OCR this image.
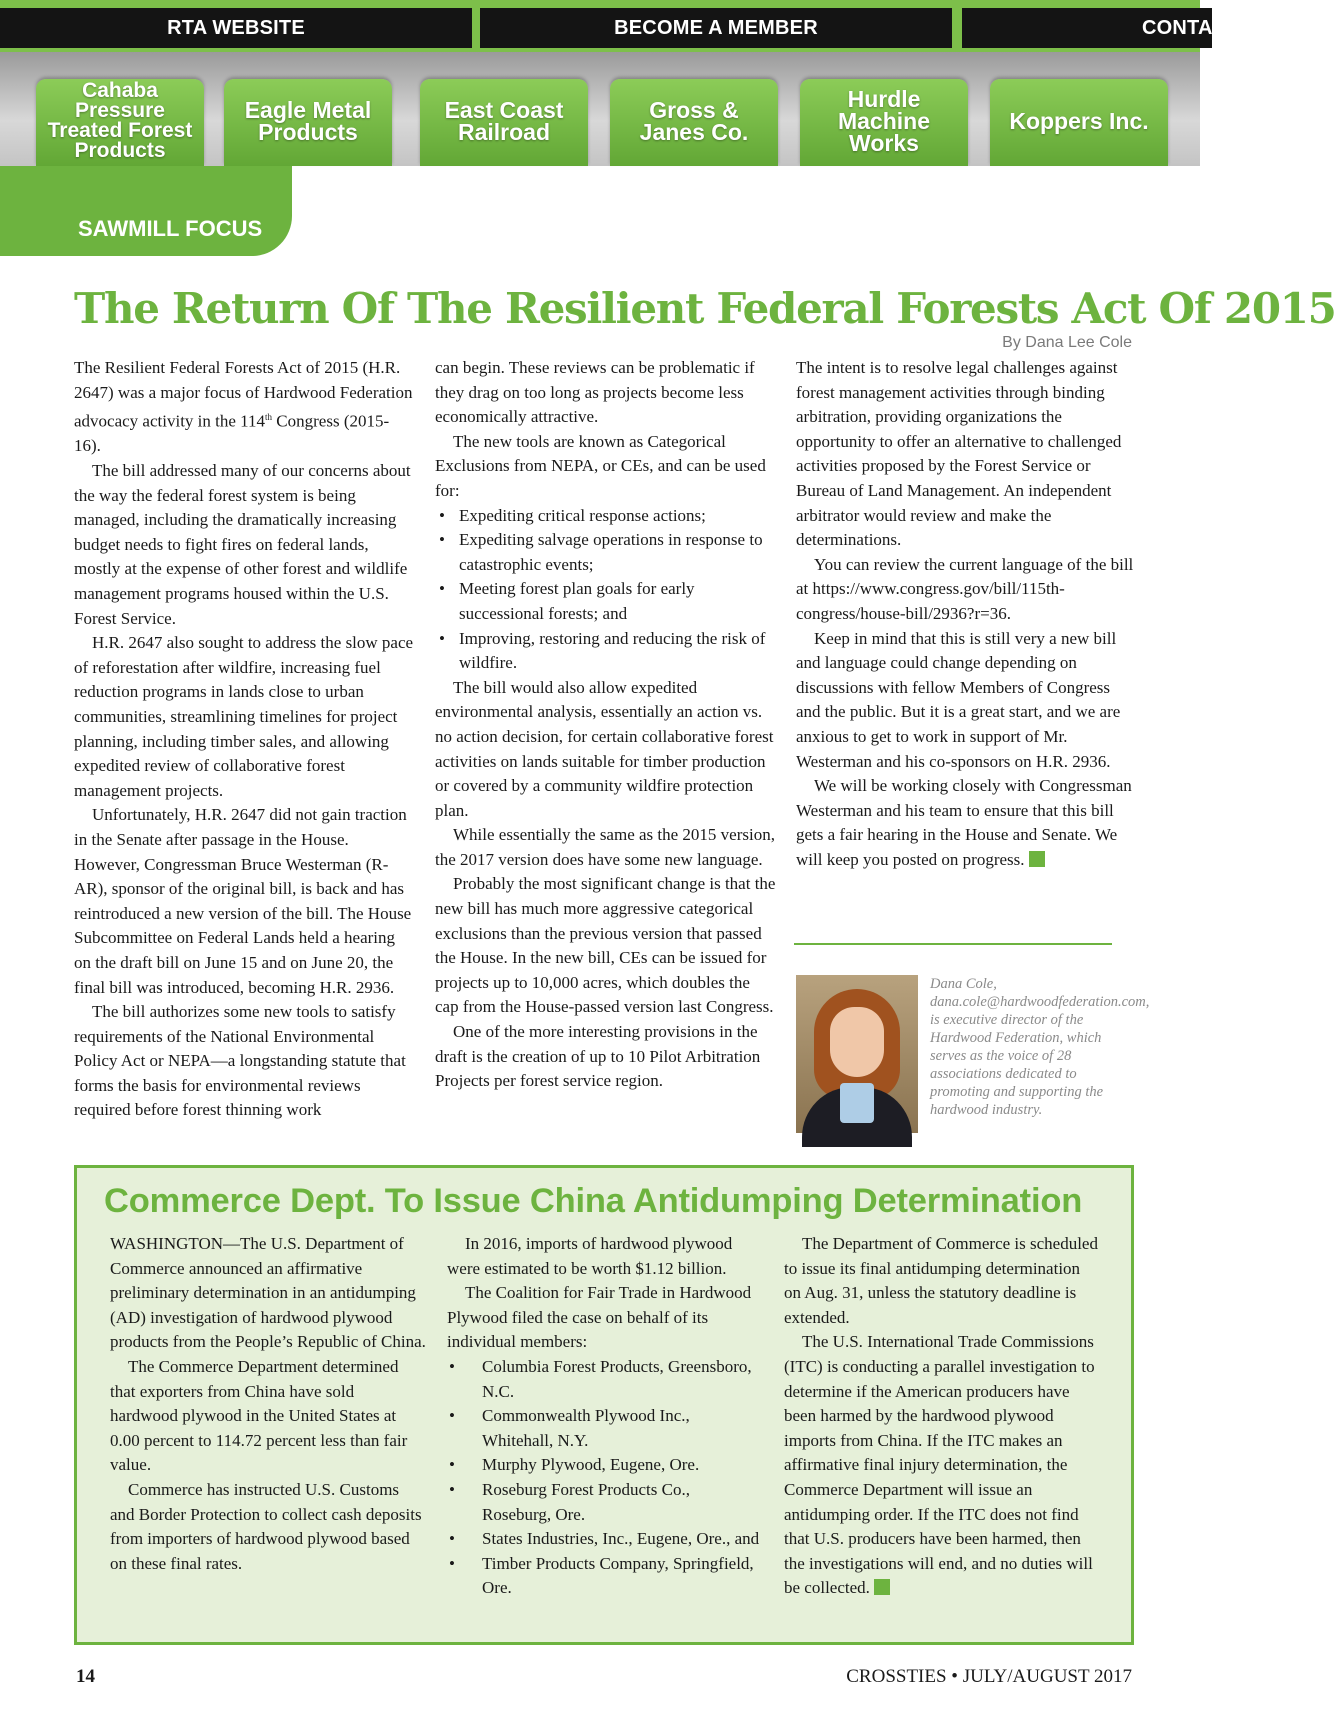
RTA WEBSITE	BECOME A MEMBER	CONTA
Cahaba Pressure Treated Forest Products
Eagle Metal Products
East Coast Railroad
Gross & Janes Co.
Hurdle Machine Works
Koppers Inc.
SAWMILL FOCUS
The Return Of The Resilient Federal Forests Act Of 2015
By Dana Lee Cole

The Resilient Federal Forests Act of 2015 (H.R. 2647) was a major focus of Hardwood Federation advocacy activity in the 114th Congress (2015-16).

The bill addressed many of our concerns about the way the federal forest system is being managed, including the dramatically increasing budget needs to fight fires on federal lands, mostly at the expense of other forest and wildlife management programs housed within the U.S. Forest Service.

H.R. 2647 also sought to address the slow pace of reforestation after wildfire, increasing fuel reduction programs in lands close to urban communities, streamlining timelines for project planning, including timber sales, and allowing expedited review of collaborative forest management projects.

Unfortunately, H.R. 2647 did not gain traction in the Senate after passage in the House. However, Congressman Bruce Westerman (R-AR), sponsor of the original bill, is back and has reintroduced a new version of the bill. The House Subcommittee on Federal Lands held a hearing on the draft bill on June 15 and on June 20, the final bill was introduced, becoming H.R. 2936.

The bill authorizes some new tools to satisfy requirements of the National Environmental Policy Act or NEPA—a longstanding statute that forms the basis for environmental reviews required before forest thinning work

can begin. These reviews can be problematic if they drag on too long as projects become less economically attractive.

The new tools are known as Categorical Exclusions from NEPA, or CEs, and can be used for:

• Expediting critical response actions;
• Expediting salvage operations in response to catastrophic events;
• Meeting forest plan goals for early successional forests; and
• Improving, restoring and reducing the risk of wildfire.

The bill would also allow expedited environmental analysis, essentially an action vs. no action decision, for certain collaborative forest activities on lands suitable for timber production or covered by a community wildfire protection plan.

While essentially the same as the 2015 version, the 2017 version does have some new language.

Probably the most significant change is that the new bill has much more aggressive categorical exclusions than the previous version that passed the House. In the new bill, CEs can be issued for projects up to 10,000 acres, which doubles the cap from the House-passed version last Congress.

One of the more interesting provisions in the draft is the creation of up to 10 Pilot Arbitration Projects per forest service region.

The intent is to resolve legal challenges against forest management activities through binding arbitration, providing organizations the opportunity to offer an alternative to challenged activities proposed by the Forest Service or Bureau of Land Management. An independent arbitrator would review and make the determinations.

You can review the current language of the bill at https://www.congress.gov/bill/115th-congress/house-bill/2936?r=36.

Keep in mind that this is still very a new bill and language could change depending on discussions with fellow Members of Congress and the public. But it is a great start, and we are anxious to get to work in support of Mr. Westerman and his co-sponsors on H.R. 2936.

We will be working closely with Congressman Westerman and his team to ensure that this bill gets a fair hearing in the House and Senate. We will keep you posted on progress.

Dana Cole, dana.cole@hardwoodfederation.com, is executive director of the Hardwood Federation, which serves as the voice of 28 associations dedicated to promoting and supporting the hardwood industry.
Commerce Dept. To Issue China Antidumping Determination

WASHINGTON—The U.S. Department of Commerce announced an affirmative preliminary determination in an antidumping (AD) investigation of hardwood plywood products from the People’s Republic of China.

The Commerce Department determined that exporters from China have sold hardwood plywood in the United States at 0.00 percent to 114.72 percent less than fair value.

Commerce has instructed U.S. Customs and Border Protection to collect cash deposits from importers of hardwood plywood based on these final rates.

In 2016, imports of hardwood plywood were estimated to be worth $1.12 billion.

The Coalition for Fair Trade in Hardwood Plywood filed the case on behalf of its individual members:

• Columbia Forest Products, Greensboro, N.C.
• Commonwealth Plywood Inc., Whitehall, N.Y.
• Murphy Plywood, Eugene, Ore.
• Roseburg Forest Products Co., Roseburg, Ore.
• States Industries, Inc., Eugene, Ore., and
• Timber Products Company, Springfield, Ore.

The Department of Commerce is scheduled to issue its final antidumping determination on Aug. 31, unless the statutory deadline is extended.

The U.S. International Trade Commissions (ITC) is conducting a parallel investigation to determine if the American producers have been harmed by the hardwood plywood imports from China. If the ITC makes an affirmative final injury determination, the Commerce Department will issue an antidumping order. If the ITC does not find that U.S. producers have been harmed, then the investigations will end, and no duties will be collected.

14	CROSSTIES • JULY/AUGUST 2017
